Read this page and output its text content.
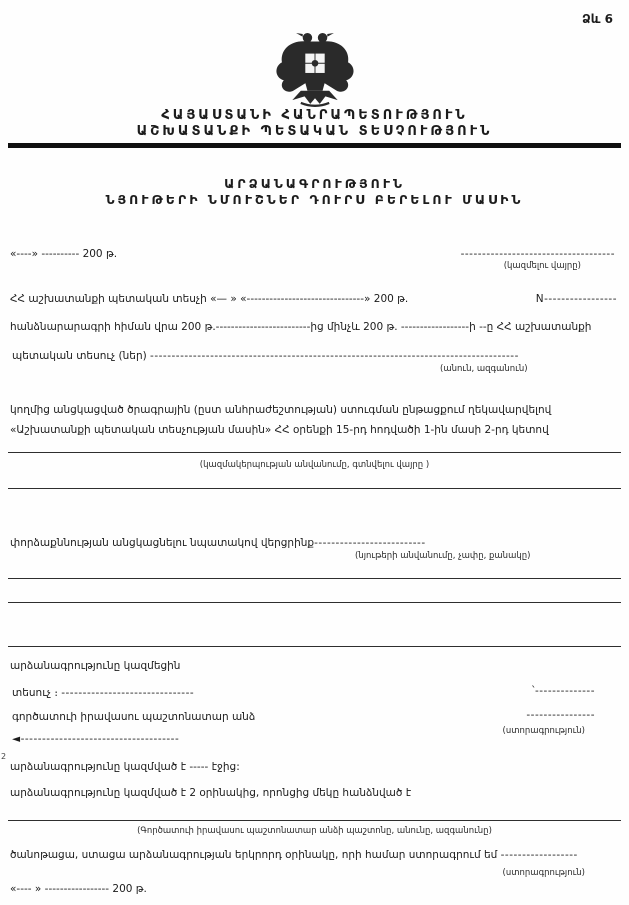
Ձև 6
ՀԱՅԱՍՏԱՆԻ ՀԱՆՐԱՊԵՏՈՒԹՅՈՒՆ
ԱՇԽԱՏԱՆՔԻ ՊԵՏԱԿԱՆ ՏԵՍՉՈՒԹՅՈՒՆ
ԱՐՁԱՆԱԳՐՈՒԹՅՈՒՆ
ՆՅՈՒԹԵՐԻ ՆՄՈՒՇՆԵՐ ԴՈՒՐՍ ԲԵՐԵԼՈՒ ՄԱՍԻՆ
«----» ---------- 200 թ.	------------------------------------
(կազմելու վայրը)
ՀՀ աշխատանքի պետական տեսչի «— » «-------------------------------» 200 թ.	N-----------------
հանձնարարագրի հիման վրա 200 թ.-------------------------ից մինչև 200 թ. ------------------ի --ը ՀՀ աշխատանքի
պետական տեսուչ (ներ) --------------------------------------------------------------------------------------
(անուն, ազգանուն)
կողմից անցկացված ծրագրային (ըստ անհրաժեշտության) ստուգման ընթացքում ղեկավարվելով «Աշխատանքի պետական տեսչության մասին» ՀՀ օրենքի 15-րդ հոդվածի 1-ին մասի 2-րդ կետով
(կազմակերպության անվանումը, գտնվելու վայրը )
փորձաքննության անցկացնելու նպատակով վերցրինք--------------------------
(նյութերի անվանումը, չափը, քանակը)
արձանագրությունը կազմեցին
տեսուչ ։ -------------------------------	՝--------------
գործատուի իրավասու պաշտոնատար անձ	----------------
(ստորագրություն)
◄-------------------------------------
2
արձանագրությունը կազմված է ----- էջից:
արձանագրությունը կազմված է 2 օրինակից, որոնցից մեկը հանձնված է
(Գործատուի իրավասու պաշտոնատար անձի պաշտոնը, անունը, ազգանունը)
ծանոթացա, ստացա արձանագրության երկրորդ օրինակը, որի համար ստորագրում եմ ------------------
(ստորագրություն)
«---- » ----------------- 200 թ.
